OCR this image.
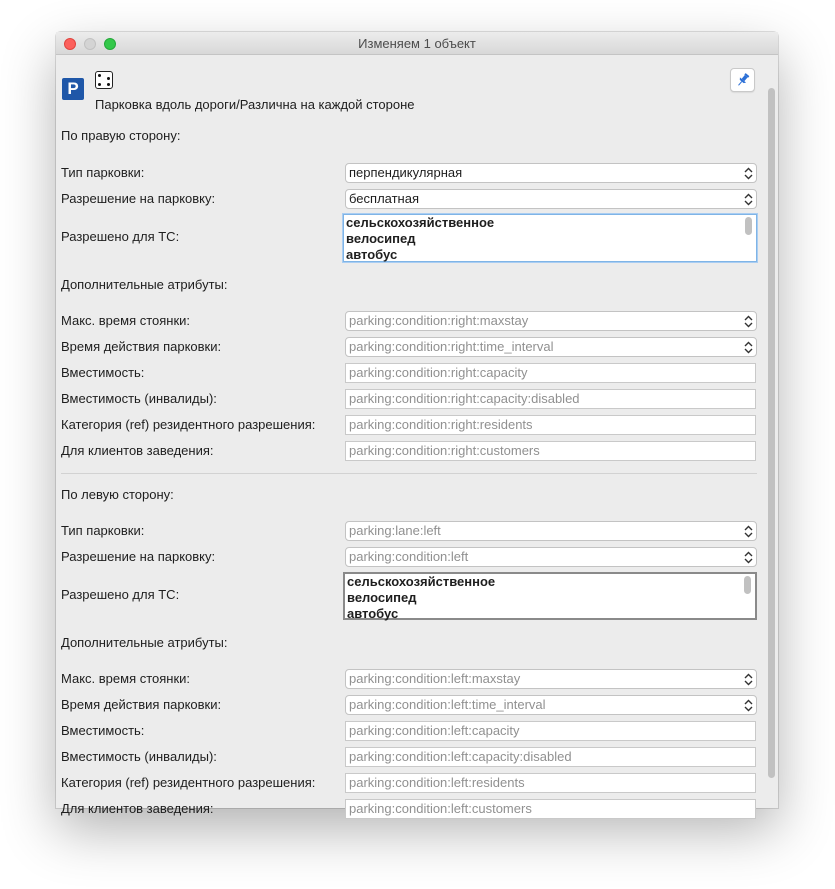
Изменяем 1 объект
P
Парковка вдоль дороги/Различна на каждой стороне
По правую сторону:
Тип парковки:	перпендикулярная
Разрешение на парковку:	бесплатная
Разрешено для ТС:
сельскохозяйственное
велосипед
автобус
Дополнительные атрибуты:
Макс. время стоянки:	parking:condition:right:maxstay
Время действия парковки:	parking:condition:right:time_interval
Вместимость:	parking:condition:right:capacity
Вместимость (инвалиды):	parking:condition:right:capacity:disabled
Категория (ref) резидентного разрешения:	parking:condition:right:residents
Для клиентов заведения:	parking:condition:right:customers
По левую сторону:
Тип парковки:	parking:lane:left
Разрешение на парковку:	parking:condition:left
Разрешено для ТС:
сельскохозяйственное
велосипед
автобус
Дополнительные атрибуты:
Макс. время стоянки:	parking:condition:left:maxstay
Время действия парковки:	parking:condition:left:time_interval
Вместимость:	parking:condition:left:capacity
Вместимость (инвалиды):	parking:condition:left:capacity:disabled
Категория (ref) резидентного разрешения:	parking:condition:left:residents
Для клиентов заведения:	parking:condition:left:customers
